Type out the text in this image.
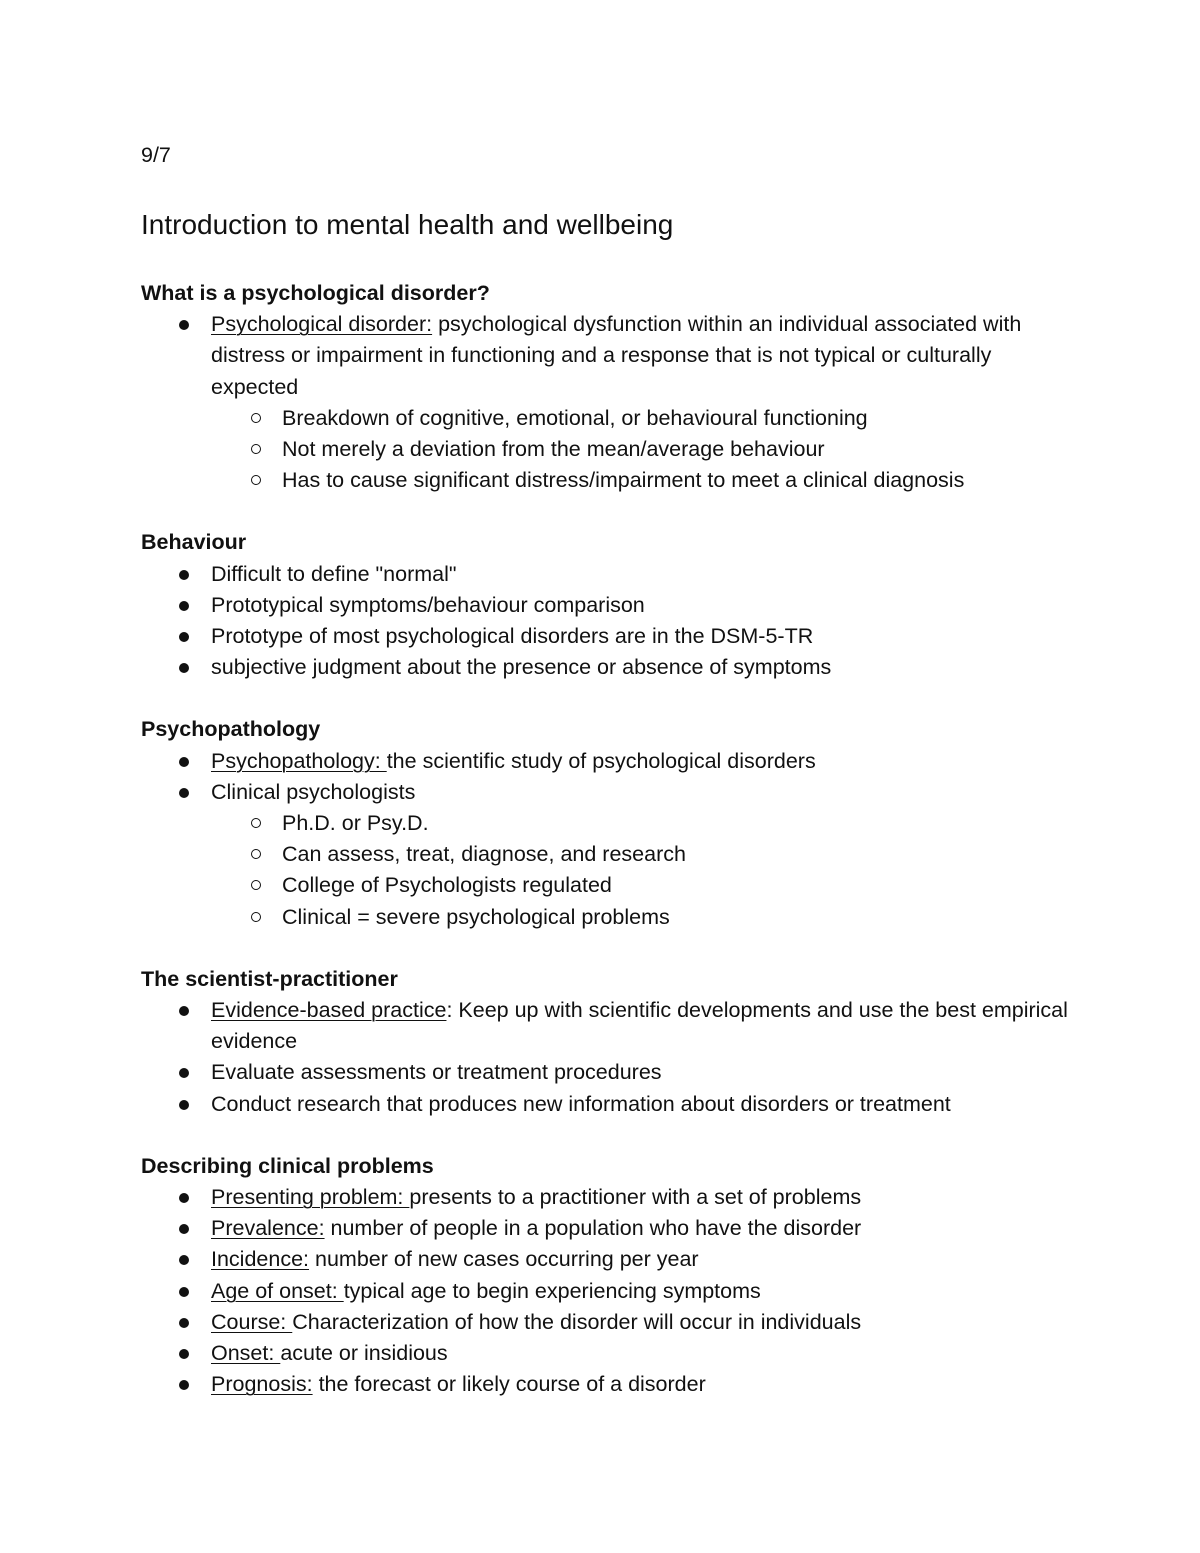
9/7

Introduction to mental health and wellbeing
What is a psychological disorder?
Psychological disorder: psychological dysfunction within an individual associated with distress or impairment in functioning and a response that is not typical or culturally expected
Breakdown of cognitive, emotional, or behavioural functioning
Not merely a deviation from the mean/average behaviour
Has to cause significant distress/impairment to meet a clinical diagnosis
Behaviour
Difficult to define "normal"
Prototypical symptoms/behaviour comparison
Prototype of most psychological disorders are in the DSM-5-TR
subjective judgment about the presence or absence of symptoms
Psychopathology
Psychopathology: the scientific study of psychological disorders
Clinical psychologists
Ph.D. or Psy.D.
Can assess, treat, diagnose, and research
College of Psychologists regulated
Clinical = severe psychological problems
The scientist-practitioner
Evidence-based practice: Keep up with scientific developments and use the best empirical evidence
Evaluate assessments or treatment procedures
Conduct research that produces new information about disorders or treatment
Describing clinical problems
Presenting problem: presents to a practitioner with a set of problems
Prevalence: number of people in a population who have the disorder
Incidence: number of new cases occurring per year
Age of onset: typical age to begin experiencing symptoms
Course: Characterization of how the disorder will occur in individuals
Onset: acute or insidious
Prognosis: the forecast or likely course of a disorder
